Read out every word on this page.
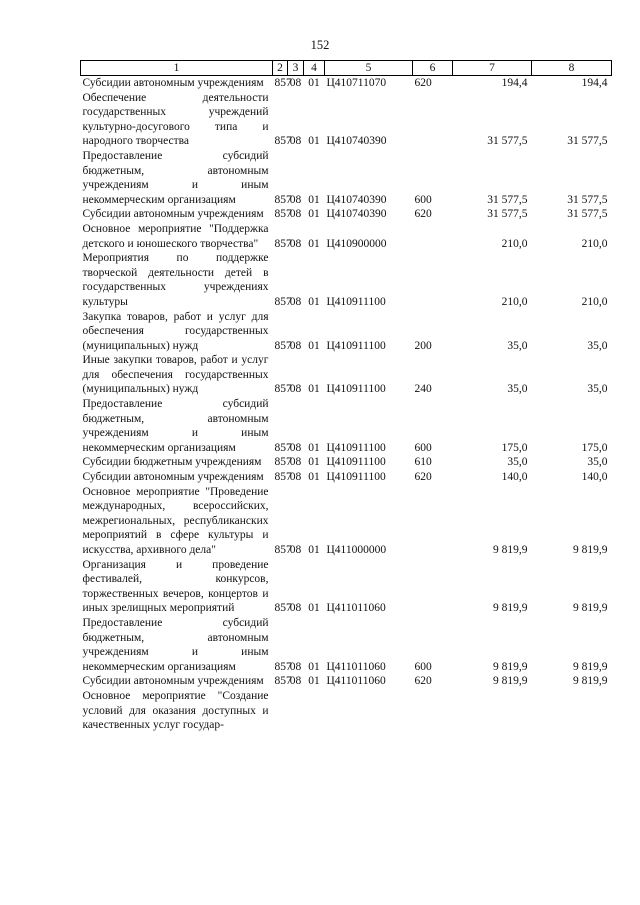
152
1	2	3	4	5	6	7	8
Субсидии автономным учреждениям	857	08	01	Ц410711070	620	194,4	194,4
Обеспечение деятельности государственных учреждений культурно-досугового типа и народного творчества	857	08	01	Ц410740390		31 577,5	31 577,5
Предоставление субсидий бюджетным, автономным учреждениям и иным некоммерческим организациям	857	08	01	Ц410740390	600	31 577,5	31 577,5
Субсидии автономным учреждениям	857	08	01	Ц410740390	620	31 577,5	31 577,5
Основное мероприятие "Поддержка детского и юношеского творчества"	857	08	01	Ц410900000		210,0	210,0
Мероприятия по поддержке творческой деятельности детей в государственных учреждениях культуры	857	08	01	Ц410911100		210,0	210,0
Закупка товаров, работ и услуг для обеспечения государственных (муниципальных) нужд	857	08	01	Ц410911100	200	35,0	35,0
Иные закупки товаров, работ и услуг для обеспечения государственных (муниципальных) нужд	857	08	01	Ц410911100	240	35,0	35,0
Предоставление субсидий бюджетным, автономным учреждениям и иным некоммерческим организациям	857	08	01	Ц410911100	600	175,0	175,0
Субсидии бюджетным учреждениям	857	08	01	Ц410911100	610	35,0	35,0
Субсидии автономным учреждениям	857	08	01	Ц410911100	620	140,0	140,0
Основное мероприятие "Проведение международных, всероссийских, межрегиональных, республиканских мероприятий в сфере культуры и искусства, архивного дела"	857	08	01	Ц411000000		9 819,9	9 819,9
Организация и проведение фестивалей, конкурсов, торжественных вечеров, концертов и иных зрелищных мероприятий	857	08	01	Ц411011060		9 819,9	9 819,9
Предоставление субсидий бюджетным, автономным учреждениям и иным некоммерческим организациям	857	08	01	Ц411011060	600	9 819,9	9 819,9
Субсидии автономным учреждениям	857	08	01	Ц411011060	620	9 819,9	9 819,9
Основное мероприятие "Создание условий для оказания доступных и качественных услуг государ-							
